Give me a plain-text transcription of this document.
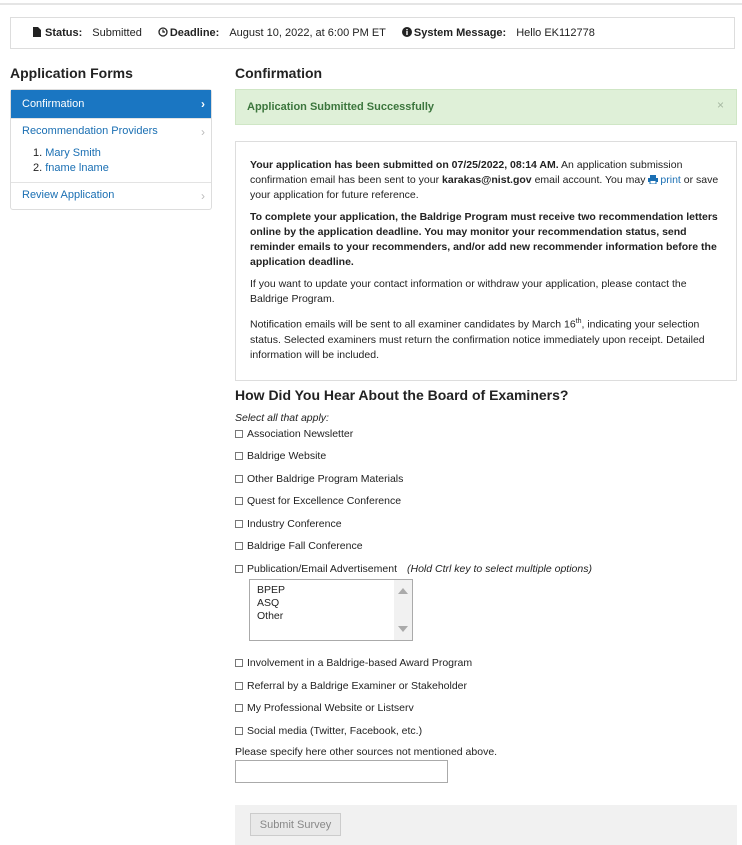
Status: Submitted	Deadline: August 10, 2022, at 6:00 PM ET	System Message: Hello EK112778
Application Forms
Confirmation	›
Recommendation Providers	›
1. Mary Smith
2. fname lname
Review Application	›
Confirmation
Application Submitted Successfully	×

Your application has been submitted on 07/25/2022, 08:14 AM. An application submission confirmation email has been sent to your karakas@nist.gov email account. You may print or save your application for future reference.

To complete your application, the Baldrige Program must receive two recommendation letters online by the application deadline. You may monitor your recommendation status, send reminder emails to your recommenders, and/or add new recommender information before the application deadline.

If you want to update your contact information or withdraw your application, please contact the Baldrige Program.

Notification emails will be sent to all examiner candidates by March 16th, indicating your selection status. Selected examiners must return the confirmation notice immediately upon receipt. Detailed information will be included.

How Did You Hear About the Board of Examiners?
Select all that apply:
Association Newsletter
Baldrige Website
Other Baldrige Program Materials
Quest for Excellence Conference
Industry Conference
Baldrige Fall Conference
Publication/Email Advertisement (Hold Ctrl key to select multiple options)
BPEP
ASQ
Other
Involvement in a Baldrige-based Award Program
Referral by a Baldrige Examiner or Stakeholder
My Professional Website or Listserv
Social media (Twitter, Facebook, etc.)
Please specify here other sources not mentioned above.
Submit Survey
